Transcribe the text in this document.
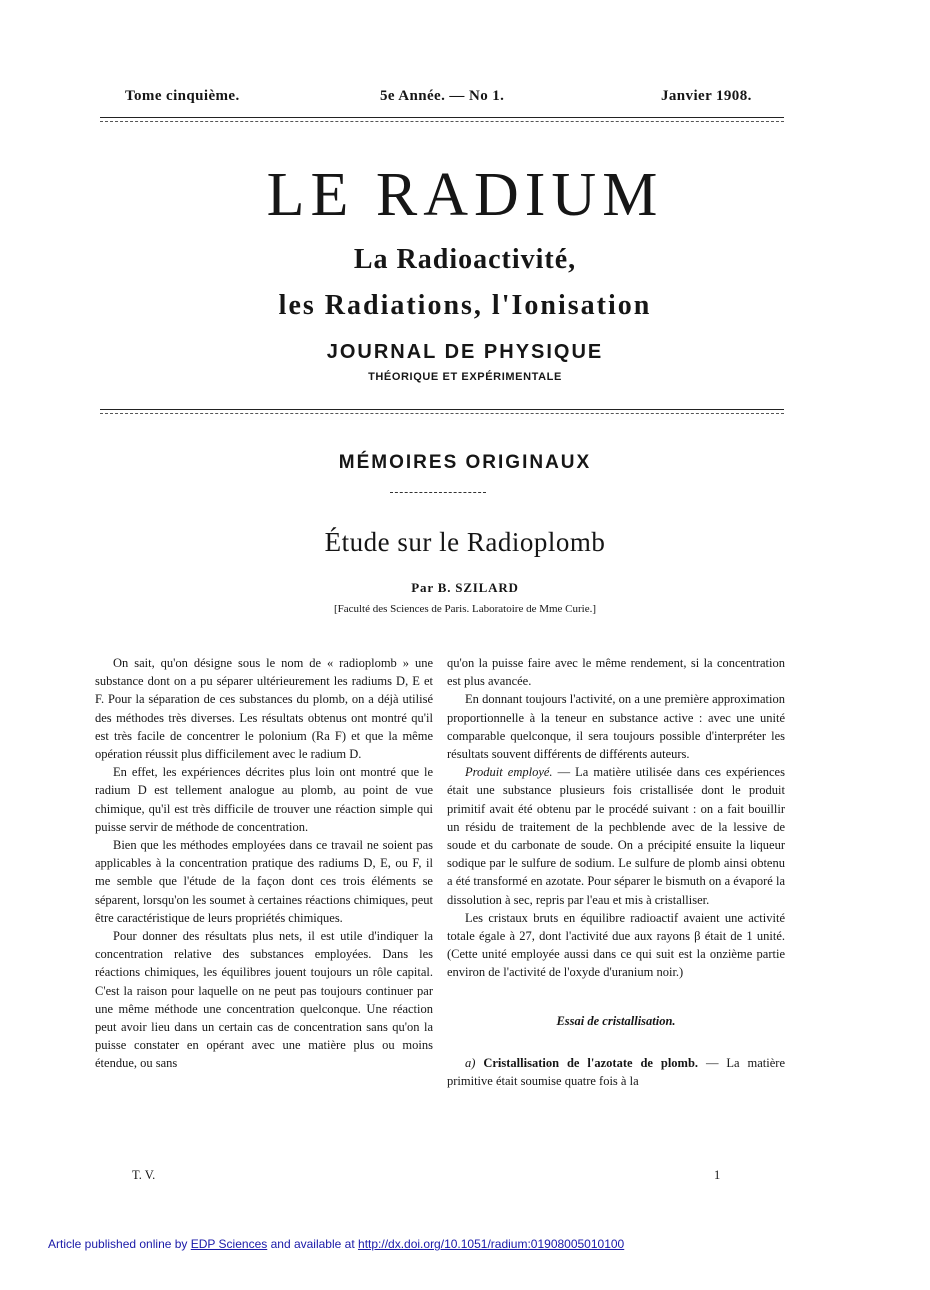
Tome cinquième.	5e Année. — No 1.	Janvier 1908.
LE RADIUM
La Radioactivité,
les Radiations, l'Ionisation
JOURNAL DE PHYSIQUE
THÉORIQUE ET EXPÉRIMENTALE
MÉMOIRES ORIGINAUX
Étude sur le Radioplomb
Par B. SZILARD
[Faculté des Sciences de Paris. Laboratoire de Mme Curie.]

On sait, qu'on désigne sous le nom de « radioplomb » une substance dont on a pu séparer ultérieurement les radiums D, E et F. Pour la séparation de ces substances du plomb, on a déjà utilisé des méthodes très diverses. Les résultats obtenus ont montré qu'il est très facile de concentrer le polonium (Ra F) et que la même opération réussit plus difficilement avec le radium D.

En effet, les expériences décrites plus loin ont montré que le radium D est tellement analogue au plomb, au point de vue chimique, qu'il est très difficile de trouver une réaction simple qui puisse servir de méthode de concentration.

Bien que les méthodes employées dans ce travail ne soient pas applicables à la concentration pratique des radiums D, E, ou F, il me semble que l'étude de la façon dont ces trois éléments se séparent, lorsqu'on les soumet à certaines réactions chimiques, peut être caractéristique de leurs propriétés chimiques.

Pour donner des résultats plus nets, il est utile d'indiquer la concentration relative des substances employées. Dans les réactions chimiques, les équilibres jouent toujours un rôle capital. C'est la raison pour laquelle on ne peut pas toujours continuer par une même méthode une concentration quelconque. Une réaction peut avoir lieu dans un certain cas de concentration sans qu'on la puisse constater en opérant avec une matière plus ou moins étendue, ou sans

T. V.

qu'on la puisse faire avec le même rendement, si la concentration est plus avancée.

En donnant toujours l'activité, on a une première approximation proportionnelle à la teneur en substance active : avec une unité comparable quelconque, il sera toujours possible d'interpréter les résultats souvent différents de différents auteurs.

Produit employé. — La matière utilisée dans ces expériences était une substance plusieurs fois cristallisée dont le produit primitif avait été obtenu par le procédé suivant : on a fait bouillir un résidu de traitement de la pechblende avec de la lessive de soude et du carbonate de soude. On a précipité ensuite la liqueur sodique par le sulfure de sodium. Le sulfure de plomb ainsi obtenu a été transformé en azotate. Pour séparer le bismuth on a évaporé la dissolution à sec, repris par l'eau et mis à cristalliser.

Les cristaux bruts en équilibre radioactif avaient une activité totale égale à 27, dont l'activité due aux rayons β était de 1 unité. (Cette unité employée aussi dans ce qui suit est la onzième partie environ de l'activité de l'oxyde d'uranium noir.)

Essai de cristallisation.

a) Cristallisation de l'azotate de plomb. — La matière primitive était soumise quatre fois à la

1
Article published online by EDP Sciences and available at http://dx.doi.org/10.1051/radium:01908005010100
